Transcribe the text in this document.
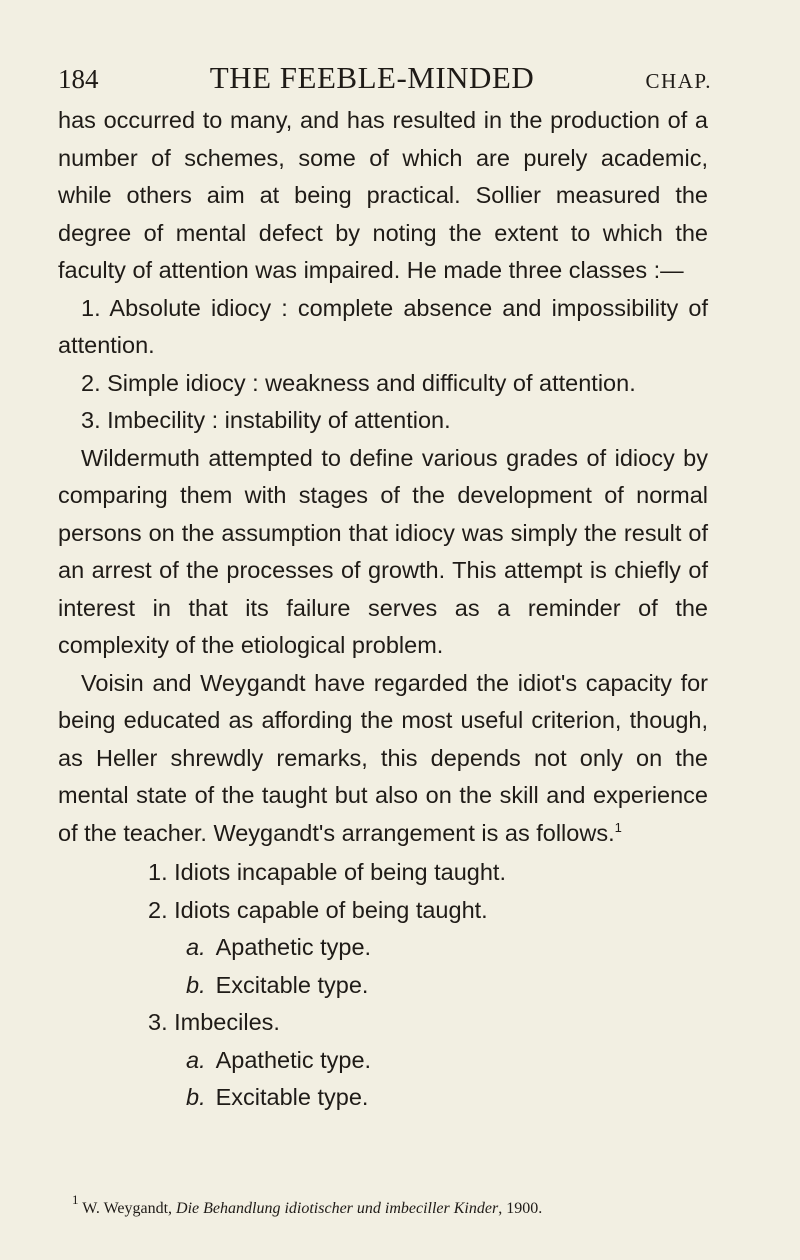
184	THE FEEBLE-MINDED	CHAP.

has occurred to many, and has resulted in the production of a number of schemes, some of which are purely academic, while others aim at being practical. Sollier measured the degree of mental defect by noting the extent to which the faculty of attention was impaired. He made three classes :—

1. Absolute idiocy : complete absence and impossibility of attention.

2. Simple idiocy : weakness and difficulty of attention.

3. Imbecility : instability of attention.

Wildermuth attempted to define various grades of idiocy by comparing them with stages of the development of normal persons on the assumption that idiocy was simply the result of an arrest of the processes of growth. This attempt is chiefly of interest in that its failure serves as a reminder of the complexity of the etiological problem.

Voisin and Weygandt have regarded the idiot's capacity for being educated as affording the most useful criterion, though, as Heller shrewdly remarks, this depends not only on the mental state of the taught but also on the skill and experience of the teacher. Weygandt's arrangement is as follows.$^1$

1. Idiots incapable of being taught.

2. Idiots capable of being taught.

a. Apathetic type.

b. Excitable type.

3. Imbeciles.

a. Apathetic type.

b. Excitable type.

$^1$ W. Weygandt, Die Behandlung idiotischer und imbeciller Kinder, 1900.
